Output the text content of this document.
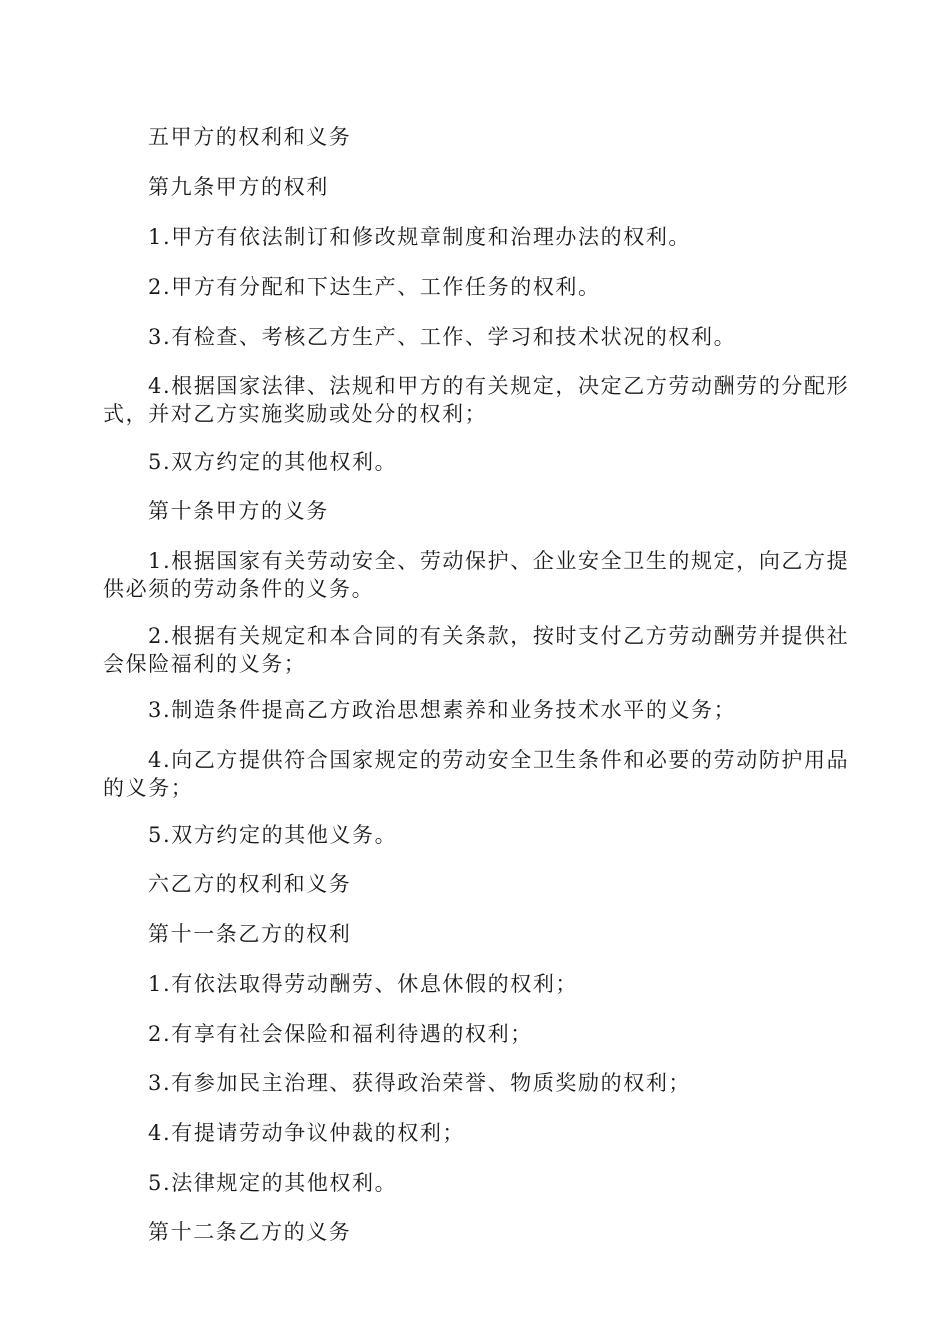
五甲方的权利和义务

第九条甲方的权利

1.甲方有依法制订和修改规章制度和治理办法的权利。

2.甲方有分配和下达生产、工作任务的权利。

3.有检查、考核乙方生产、工作、学习和技术状况的权利。

4.根据国家法律、法规和甲方的有关规定，决定乙方劳动酬劳的分配形式，并对乙方实施奖励或处分的权利；

5.双方约定的其他权利。

第十条甲方的义务

1.根据国家有关劳动安全、劳动保护、企业安全卫生的规定，向乙方提供必须的劳动条件的义务。

2.根据有关规定和本合同的有关条款，按时支付乙方劳动酬劳并提供社会保险福利的义务；

3.制造条件提高乙方政治思想素养和业务技术水平的义务；

4.向乙方提供符合国家规定的劳动安全卫生条件和必要的劳动防护用品的义务；

5.双方约定的其他义务。

六乙方的权利和义务

第十一条乙方的权利

1.有依法取得劳动酬劳、休息休假的权利；

2.有享有社会保险和福利待遇的权利；

3.有参加民主治理、获得政治荣誉、物质奖励的权利；

4.有提请劳动争议仲裁的权利；

5.法律规定的其他权利。

第十二条乙方的义务
